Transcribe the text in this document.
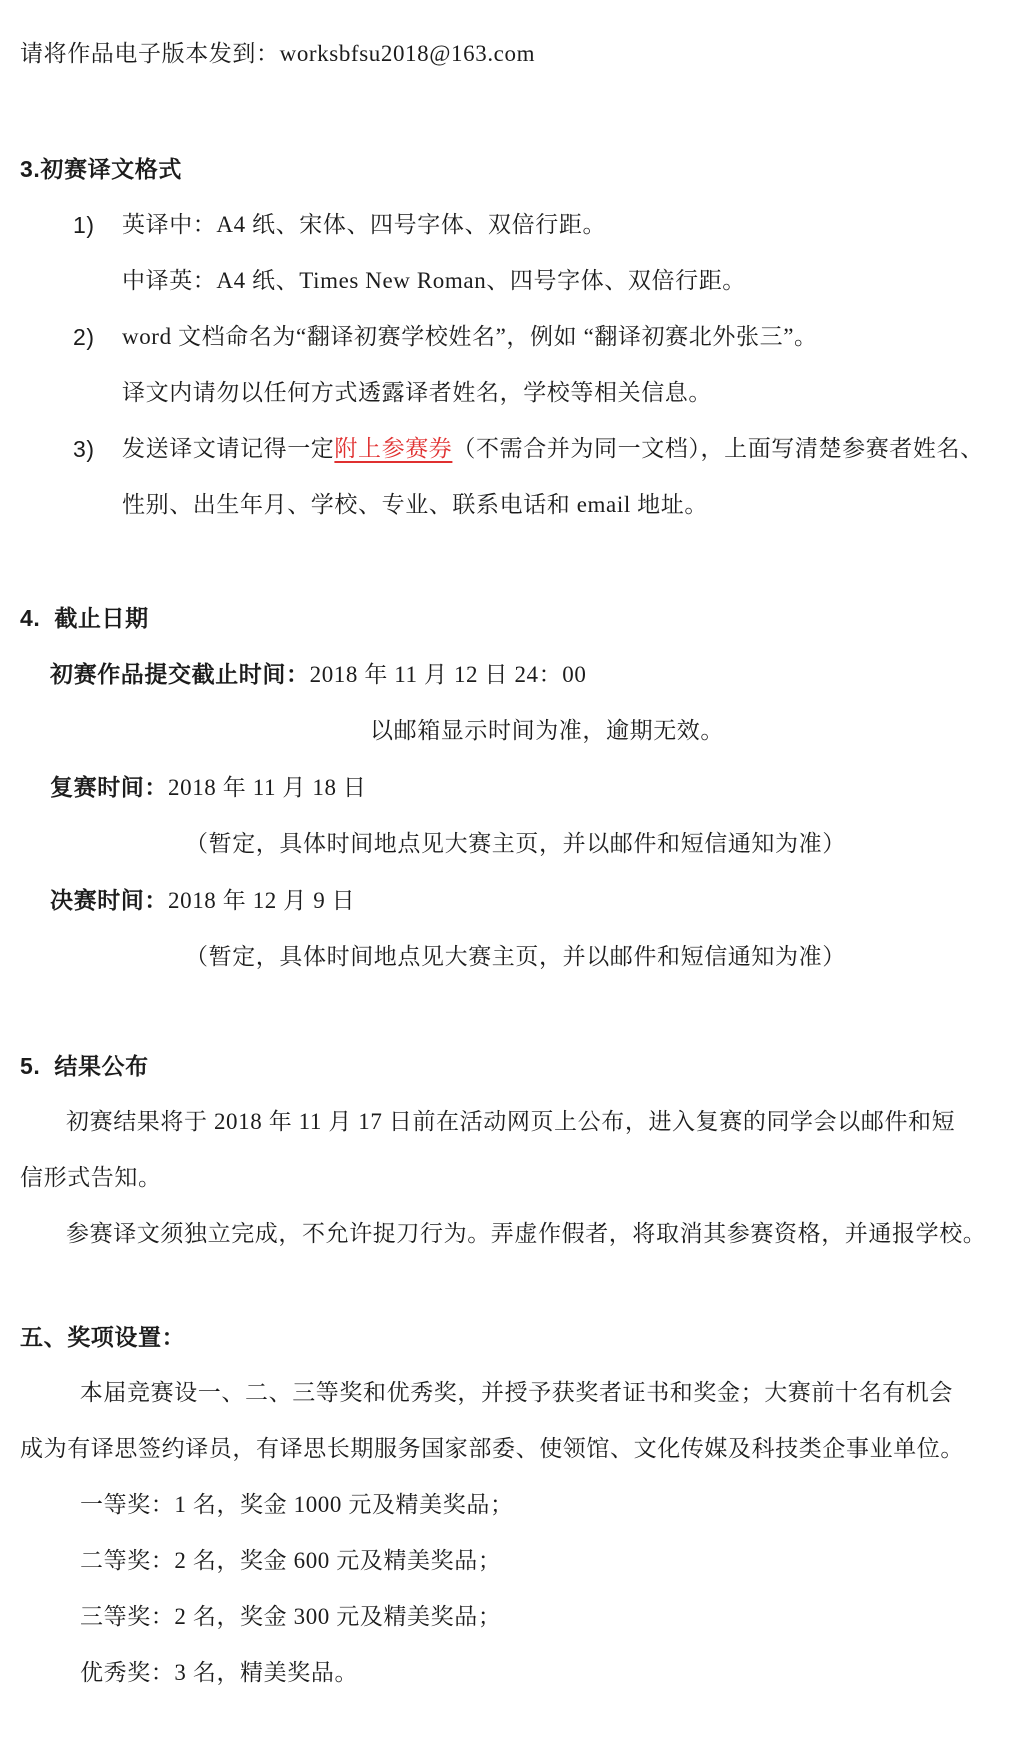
请将作品电子版本发到：worksbfsu2018@163.com
3.初赛译文格式
1) 英译中：A4 纸、宋体、四号字体、双倍行距。
中译英：A4 纸、Times New Roman、四号字体、双倍行距。
2) word 文档命名为“翻译初赛学校姓名”，例如 “翻译初赛北外张三”。
译文内请勿以任何方式透露译者姓名，学校等相关信息。
3) 发送译文请记得一定附上参赛券（不需合并为同一文档），上面写清楚参赛者姓名、
性别、出生年月、学校、专业、联系电话和 email 地址。
4.  截止日期
初赛作品提交截止时间：2018 年 11 月 12 日 24：00
以邮箱显示时间为准，逾期无效。
复赛时间：2018 年 11 月 18 日
（暂定，具体时间地点见大赛主页，并以邮件和短信通知为准）
决赛时间：2018 年 12 月 9 日
（暂定，具体时间地点见大赛主页，并以邮件和短信通知为准）
5.  结果公布
初赛结果将于 2018 年 11 月 17 日前在活动网页上公布，进入复赛的同学会以邮件和短
信形式告知。
参赛译文须独立完成，不允许捉刀行为。弄虚作假者，将取消其参赛资格，并通报学校。
五、奖项设置：
本届竞赛设一、二、三等奖和优秀奖，并授予获奖者证书和奖金；大赛前十名有机会
成为有译思签约译员，有译思长期服务国家部委、使领馆、文化传媒及科技类企事业单位。
一等奖：1 名，奖金 1000 元及精美奖品；
二等奖：2 名，奖金 600 元及精美奖品；
三等奖：2 名，奖金 300 元及精美奖品；
优秀奖：3 名，精美奖品。
